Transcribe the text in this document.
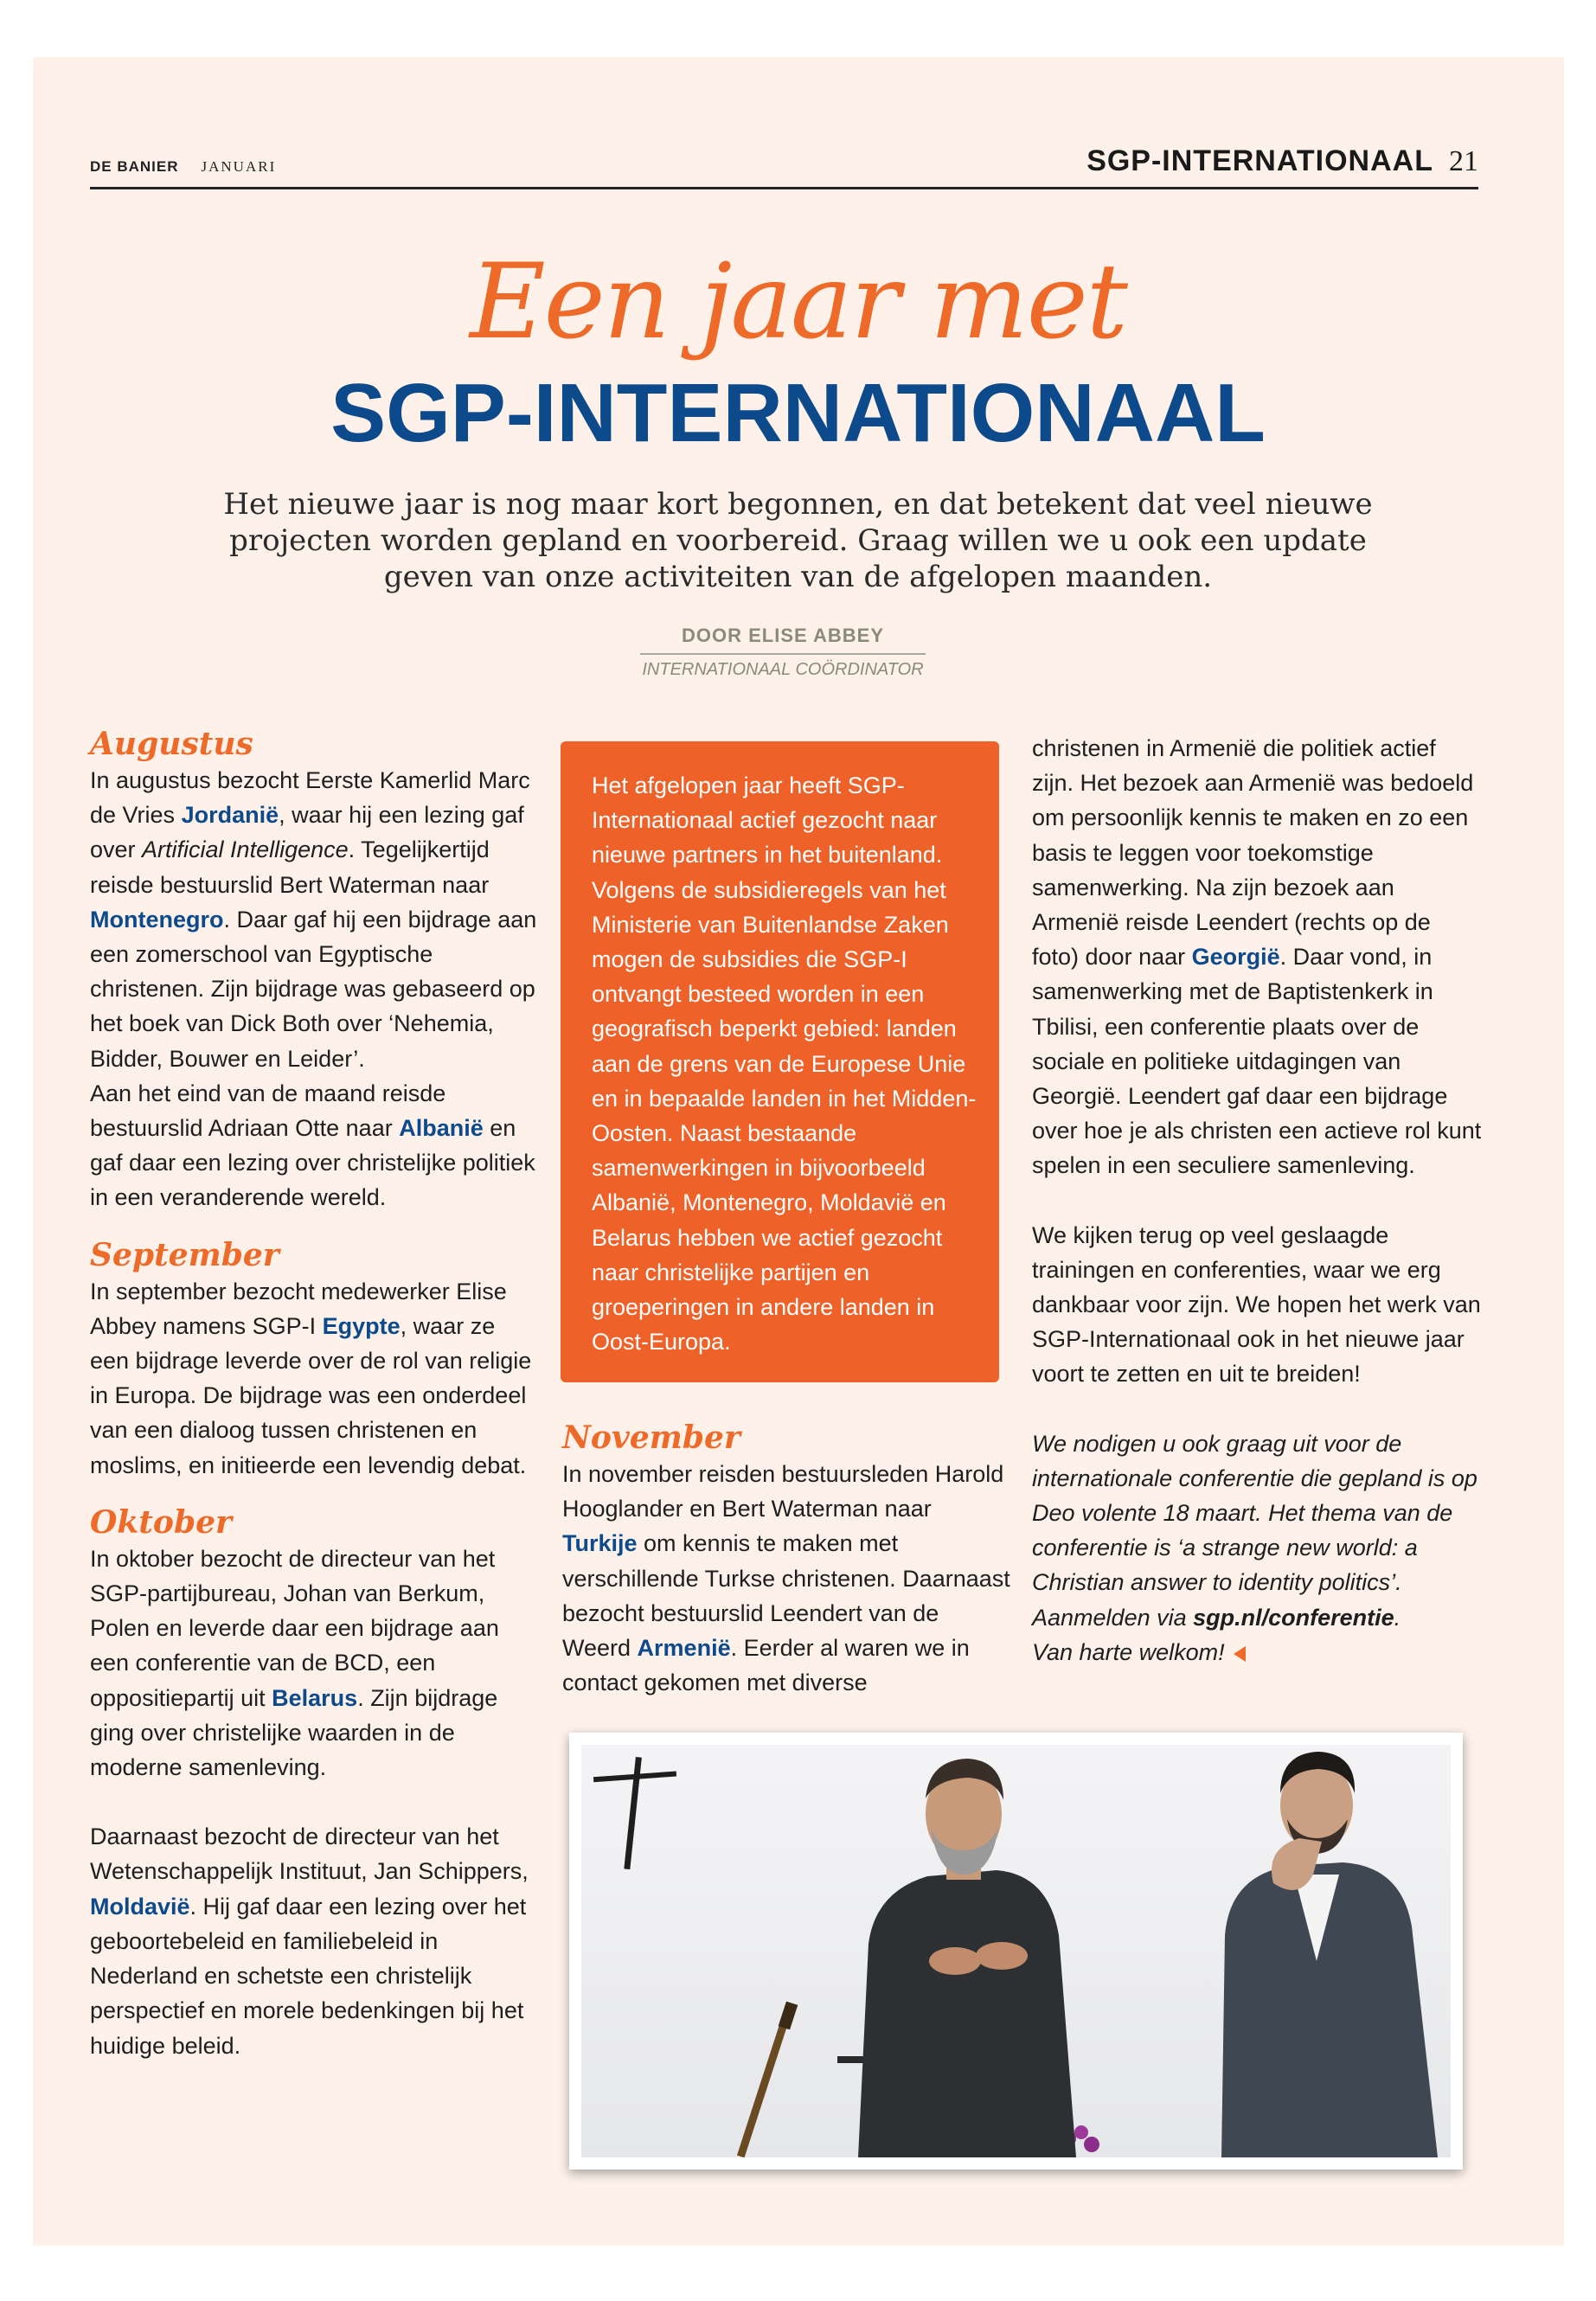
DE BANIER JANUARI	SGP-INTERNATIONAAL 21
Een jaar met
SGP-INTERNATIONAAL
Het nieuwe jaar is nog maar kort begonnen, en dat betekent dat veel nieuwe projecten worden gepland en voorbereid. Graag willen we u ook een update geven van onze activiteiten van de afgelopen maanden.
DOOR ELISE ABBEY
INTERNATIONAAL COÖRDINATOR
Augustus

In augustus bezocht Eerste Kamerlid Marc de Vries Jordanië, waar hij een lezing gaf over Artificial Intelligence. Tegelijkertijd reisde bestuurslid Bert Waterman naar Montenegro. Daar gaf hij een bijdrage aan een zomerschool van Egyptische christenen. Zijn bijdrage was gebaseerd op het boek van Dick Both over ‘Nehemia, Bidder, Bouwer en Leider’.

Aan het eind van de maand reisde bestuurslid Adriaan Otte naar Albanië en gaf daar een lezing over christelijke politiek in een veranderende wereld.

September

In september bezocht medewerker Elise Abbey namens SGP-I Egypte, waar ze een bijdrage leverde over de rol van religie in Europa. De bijdrage was een onderdeel van een dialoog tussen christenen en moslims, en initieerde een levendig debat.

Oktober

In oktober bezocht de directeur van het SGP-partijbureau, Johan van Berkum, Polen en leverde daar een bijdrage aan een conferentie van de BCD, een oppositiepartij uit Belarus. Zijn bijdrage ging over christelijke waarden in de moderne samenleving.

Daarnaast bezocht de directeur van het Wetenschappelijk Instituut, Jan Schippers, Moldavië. Hij gaf daar een lezing over het geboortebeleid en familiebeleid in Nederland en schetste een christelijk perspectief en morele bedenkingen bij het huidige beleid.

Het afgelopen jaar heeft SGP-Internationaal actief gezocht naar nieuwe partners in het buitenland. Volgens de subsidieregels van het Ministerie van Buitenlandse Zaken mogen de subsidies die SGP-I ontvangt besteed worden in een geografisch beperkt gebied: landen aan de grens van de Europese Unie en in bepaalde landen in het Midden-Oosten. Naast bestaande samenwerkingen in bijvoorbeeld Albanië, Montenegro, Moldavië en Belarus hebben we actief gezocht naar christelijke partijen en groeperingen in andere landen in Oost-Europa.

November

In november reisden bestuursleden Harold Hooglander en Bert Waterman naar Turkije om kennis te maken met verschillende Turkse christenen. Daarnaast bezocht bestuurslid Leendert van de Weerd Armenië. Eerder al waren we in contact gekomen met diverse

christenen in Armenië die politiek actief zijn. Het bezoek aan Armenië was bedoeld om persoonlijk kennis te maken en zo een basis te leggen voor toekomstige samenwerking. Na zijn bezoek aan Armenië reisde Leendert (rechts op de foto) door naar Georgië. Daar vond, in samenwerking met de Baptistenkerk in Tbilisi, een conferentie plaats over de sociale en politieke uitdagingen van Georgië. Leendert gaf daar een bijdrage over hoe je als christen een actieve rol kunt spelen in een seculiere samenleving.

We kijken terug op veel geslaagde trainingen en conferenties, waar we erg dankbaar voor zijn. We hopen het werk van SGP-Internationaal ook in het nieuwe jaar voort te zetten en uit te breiden!

We nodigen u ook graag uit voor de internationale conferentie die gepland is op Deo volente 18 maart. Het thema van de conferentie is ‘a strange new world: a Christian answer to identity politics’. Aanmelden via sgp.nl/conferentie.
Van harte welkom!
